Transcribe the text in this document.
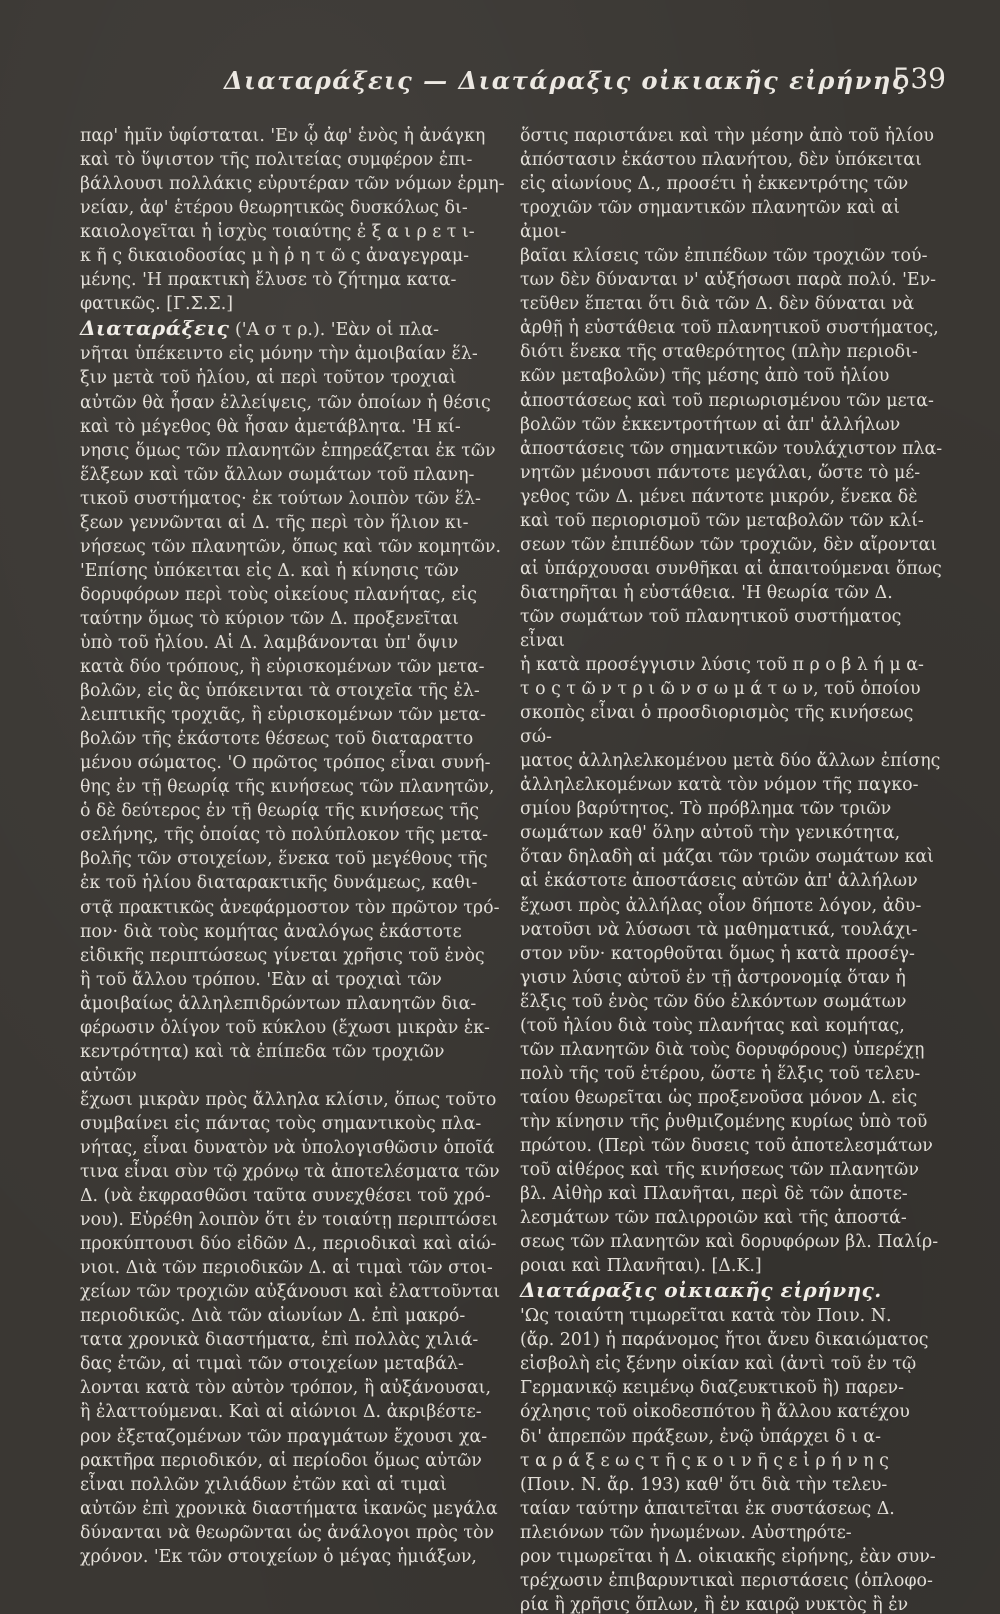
Διαταράξεις — Διατάραξις οἰκιακῆς εἰρήνης
539

παρ' ἡμῖν ὑφίσταται. 'Εν ᾧ ἀφ' ἑνὸς ἡ ἀνάγκη
καὶ τὸ ὕψιστον τῆς πολιτείας συμφέρον ἐπι-
βάλλουσι πολλάκις εὐρυτέραν τῶν νόμων ἑρμη-
νείαν, ἀφ' ἑτέρου θεωρητικῶς δυσκόλως δι-
καιολογεῖται ἡ ἰσχὺς τοιαύτης ἐ ξ α ι ρ ε τ ι-
κ ῆ ς δικαιοδοσίας μ ὴ ῥ η τ ῶ ς ἀναγεγραμ-
μένης. 'Η πρακτικὴ ἔλυσε τὸ ζήτημα κατα-
φατικῶς. [Γ.Σ.Σ.]

Διαταράξεις ('Α σ τ ρ.). 'Εὰν οἱ πλα-
νῆται ὑπέκειντο εἰς μόνην τὴν ἀμοιβαίαν ἕλ-
ξιν μετὰ τοῦ ἡλίου, αἱ περὶ τοῦτον τροχιαὶ
αὐτῶν θὰ ἦσαν ἐλλείψεις, τῶν ὁποίων ἡ θέσις
καὶ τὸ μέγεθος θὰ ἦσαν ἀμετάβλητα. 'Η κί-
νησις ὅμως τῶν πλανητῶν ἐπηρεάζεται ἐκ τῶν
ἕλξεων καὶ τῶν ἄλλων σωμάτων τοῦ πλανη-
τικοῦ συστήματος· ἐκ τούτων λοιπὸν τῶν ἕλ-
ξεων γεννῶνται αἱ Δ. τῆς περὶ τὸν ἥλιον κι-
νήσεως τῶν πλανητῶν, ὅπως καὶ τῶν κομητῶν.
'Επίσης ὑπόκειται εἰς Δ. καὶ ἡ κίνησις τῶν
δορυφόρων περὶ τοὺς οἰκείους πλανήτας, εἰς
ταύτην ὅμως τὸ κύριον τῶν Δ. προξενεῖται
ὑπὸ τοῦ ἡλίου. Αἱ Δ. λαμβάνονται ὑπ' ὄψιν
κατὰ δύο τρόπους, ἢ εὑρισκομένων τῶν μετα-
βολῶν, εἰς ἃς ὑπόκεινται τὰ στοιχεῖα τῆς ἐλ-
λειπτικῆς τροχιᾶς, ἢ εὑρισκομένων τῶν μετα-
βολῶν τῆς ἑκάστοτε θέσεως τοῦ διαταραττο
μένου σώματος. 'Ο πρῶτος τρόπος εἶναι συνή-
θης ἐν τῇ θεωρίᾳ τῆς κινήσεως τῶν πλανητῶν,
ὁ δὲ δεύτερος ἐν τῇ θεωρίᾳ τῆς κινήσεως τῆς
σελήνης, τῆς ὁποίας τὸ πολύπλοκον τῆς μετα-
βολῆς τῶν στοιχείων, ἕνεκα τοῦ μεγέθους τῆς
ἐκ τοῦ ἡλίου διαταρακτικῆς δυνάμεως, καθι-
στᾷ πρακτικῶς ἀνεφάρμοστον τὸν πρῶτον τρό-
πον· διὰ τοὺς κομήτας ἀναλόγως ἑκάστοτε
εἰδικῆς περιπτώσεως γίνεται χρῆσις τοῦ ἑνὸς
ἢ τοῦ ἄλλου τρόπου. 'Εὰν αἱ τροχιαὶ τῶν
ἀμοιβαίως ἀλληλεπιδρώντων πλανητῶν δια-
φέρωσιν ὀλίγον τοῦ κύκλου (ἔχωσι μικρὰν ἐκ-
κεντρότητα) καὶ τὰ ἐπίπεδα τῶν τροχιῶν αὐτῶν
ἔχωσι μικρὰν πρὸς ἄλληλα κλίσιν, ὅπως τοῦτο
συμβαίνει εἰς πάντας τοὺς σημαντικοὺς πλα-
νήτας, εἶναι δυνατὸν νὰ ὑπολογισθῶσιν ὁποῖά
τινα εἶναι σὺν τῷ χρόνῳ τὰ ἀποτελέσματα τῶν
Δ. (νὰ ἐκφρασθῶσι ταῦτα συνεχθέσει τοῦ χρό-
νου). Εὑρέθη λοιπὸν ὅτι ἐν τοιαύτῃ περιπτώσει
προκύπτουσι δύο εἰδῶν Δ., περιοδικαὶ καὶ αἰώ-
νιοι. Διὰ τῶν περιοδικῶν Δ. αἱ τιμαὶ τῶν στοι-
χείων τῶν τροχιῶν αὐξάνουσι καὶ ἐλαττοῦνται
περιοδικῶς. Διὰ τῶν αἰωνίων Δ. ἐπὶ μακρό-
τατα χρονικὰ διαστήματα, ἐπὶ πολλὰς χιλιά-
δας ἐτῶν, αἱ τιμαὶ τῶν στοιχείων μεταβάλ-
λονται κατὰ τὸν αὐτὸν τρόπον, ἢ αὐξάνουσαι,
ἢ ἐλαττούμεναι. Καὶ αἱ αἰώνιοι Δ. ἀκριβέστε-
ρον ἐξεταζομένων τῶν πραγμάτων ἔχουσι χα-
ρακτῆρα περιοδικόν, αἱ περίοδοι ὅμως αὐτῶν
εἶναι πολλῶν χιλιάδων ἐτῶν καὶ αἱ τιμαὶ
αὐτῶν ἐπὶ χρονικὰ διαστήματα ἱκανῶς μεγάλα
δύνανται νὰ θεωρῶνται ὡς ἀνάλογοι πρὸς τὸν
χρόνον. 'Εκ τῶν στοιχείων ὁ μέγας ἡμιάξων,

ὅστις παριστάνει καὶ τὴν μέσην ἀπὸ τοῦ ἡλίου
ἀπόστασιν ἑκάστου πλανήτου, δὲν ὑπόκειται
εἰς αἰωνίους Δ., προσέτι ἡ ἐκκεντρότης τῶν
τροχιῶν τῶν σημαντικῶν πλανητῶν καὶ αἱ ἀμοι-
βαῖαι κλίσεις τῶν ἐπιπέδων τῶν τροχιῶν τού-
των δὲν δύνανται ν' αὐξήσωσι παρὰ πολύ. 'Εν-
τεῦθεν ἕπεται ὅτι διὰ τῶν Δ. δὲν δύναται νὰ
ἀρθῇ ἡ εὐστάθεια τοῦ πλανητικοῦ συστήματος,
διότι ἕνεκα τῆς σταθερότητος (πλὴν περιοδι-
κῶν μεταβολῶν) τῆς μέσης ἀπὸ τοῦ ἡλίου
ἀποστάσεως καὶ τοῦ περιωρισμένου τῶν μετα-
βολῶν τῶν ἐκκεντροτήτων αἱ ἀπ' ἀλλήλων
ἀποστάσεις τῶν σημαντικῶν τουλάχιστον πλα-
νητῶν μένουσι πάντοτε μεγάλαι, ὥστε τὸ μέ-
γεθος τῶν Δ. μένει πάντοτε μικρόν, ἕνεκα δὲ
καὶ τοῦ περιορισμοῦ τῶν μεταβολῶν τῶν κλί-
σεων τῶν ἐπιπέδων τῶν τροχιῶν, δὲν αἴρονται
αἱ ὑπάρχουσαι συνθῆκαι αἱ ἀπαιτούμεναι ὅπως
διατηρῆται ἡ εὐστάθεια. 'Η θεωρία τῶν Δ.
τῶν σωμάτων τοῦ πλανητικοῦ συστήματος εἶναι
ἡ κατὰ προσέγγισιν λύσις τοῦ π ρ ο β λ ή μ α-
τ ο ς τ ῶ ν τ ρ ι ῶ ν σ ω μ ά τ ω ν, τοῦ ὁποίου
σκοπὸς εἶναι ὁ προσδιορισμὸς τῆς κινήσεως σώ-
ματος ἀλληλελκομένου μετὰ δύο ἄλλων ἐπίσης
ἀλληλελκομένων κατὰ τὸν νόμον τῆς παγκο-
σμίου βαρύτητος. Τὸ πρόβλημα τῶν τριῶν
σωμάτων καθ' ὅλην αὐτοῦ τὴν γενικότητα,
ὅταν δηλαδὴ αἱ μάζαι τῶν τριῶν σωμάτων καὶ
αἱ ἑκάστοτε ἀποστάσεις αὐτῶν ἀπ' ἀλλήλων
ἔχωσι πρὸς ἀλλήλας οἷον δήποτε λόγον, ἀδυ-
νατοῦσι νὰ λύσωσι τὰ μαθηματικά, τουλάχι-
στον νῦν· κατορθοῦται ὅμως ἡ κατὰ προσέγ-
γισιν λύσις αὐτοῦ ἐν τῇ ἀστρονομίᾳ ὅταν ἡ
ἕλξις τοῦ ἑνὸς τῶν δύο ἑλκόντων σωμάτων
(τοῦ ἡλίου διὰ τοὺς πλανήτας καὶ κομήτας,
τῶν πλανητῶν διὰ τοὺς δορυφόρους) ὑπερέχῃ
πολὺ τῆς τοῦ ἑτέρου, ὥστε ἡ ἕλξις τοῦ τελευ-
ταίου θεωρεῖται ὡς προξενοῦσα μόνον Δ. εἰς
τὴν κίνησιν τῆς ῥυθμιζομένης κυρίως ὑπὸ τοῦ
πρώτου. (Περὶ τῶν δυσεις τοῦ ἀποτελεσμάτων
τοῦ αἰθέρος καὶ τῆς κινήσεως τῶν πλανητῶν
βλ. Αἰθὴρ καὶ Πλανῆται, περὶ δὲ τῶν ἀποτε-
λεσμάτων τῶν παλιρροιῶν καὶ τῆς ἀποστά-
σεως τῶν πλανητῶν καὶ δορυφόρων βλ. Παλίρ-
ροιαι καὶ Πλανῆται). [Δ.Κ.]

Διατάραξις οἰκιακῆς εἰρήνης.

'Ως τοιαύτη τιμωρεῖται κατὰ τὸν Ποιν. Ν.
(ἄρ. 201) ἡ παράνομος ἤτοι ἄνευ δικαιώματος
εἰσβολὴ εἰς ξένην οἰκίαν καὶ (ἀντὶ τοῦ ἐν τῷ
Γερμανικῷ κειμένῳ διαζευκτικοῦ ἢ) παρεν-
όχλησις τοῦ οἰκοδεσπότου ἢ ἄλλου κατέχου
δι' ἀπρεπῶν πράξεων, ἐνῷ ὑπάρχει δ ι α-
τ α ρ ά ξ ε ω ς τ ῆ ς κ ο ι ν ῆ ς ε ἰ ρ ή ν η ς
(Ποιν. Ν. ἄρ. 193) καθ' ὅτι διὰ τὴν τελευ-
ταίαν ταύτην ἀπαιτεῖται ἐκ συστάσεως Δ.
πλειόνων τῶν ἡνωμένων. Αὐστηρότε-
ρον τιμωρεῖται ἡ Δ. οἰκιακῆς εἰρήνης, ἐὰν συν-
τρέχωσιν ἐπιβαρυντικαὶ περιστάσεις (ὁπλοφο-
ρία ἢ χρῆσις ὅπλων, ἢ ἐν καιρῷ νυκτὸς ἢ ἐν
